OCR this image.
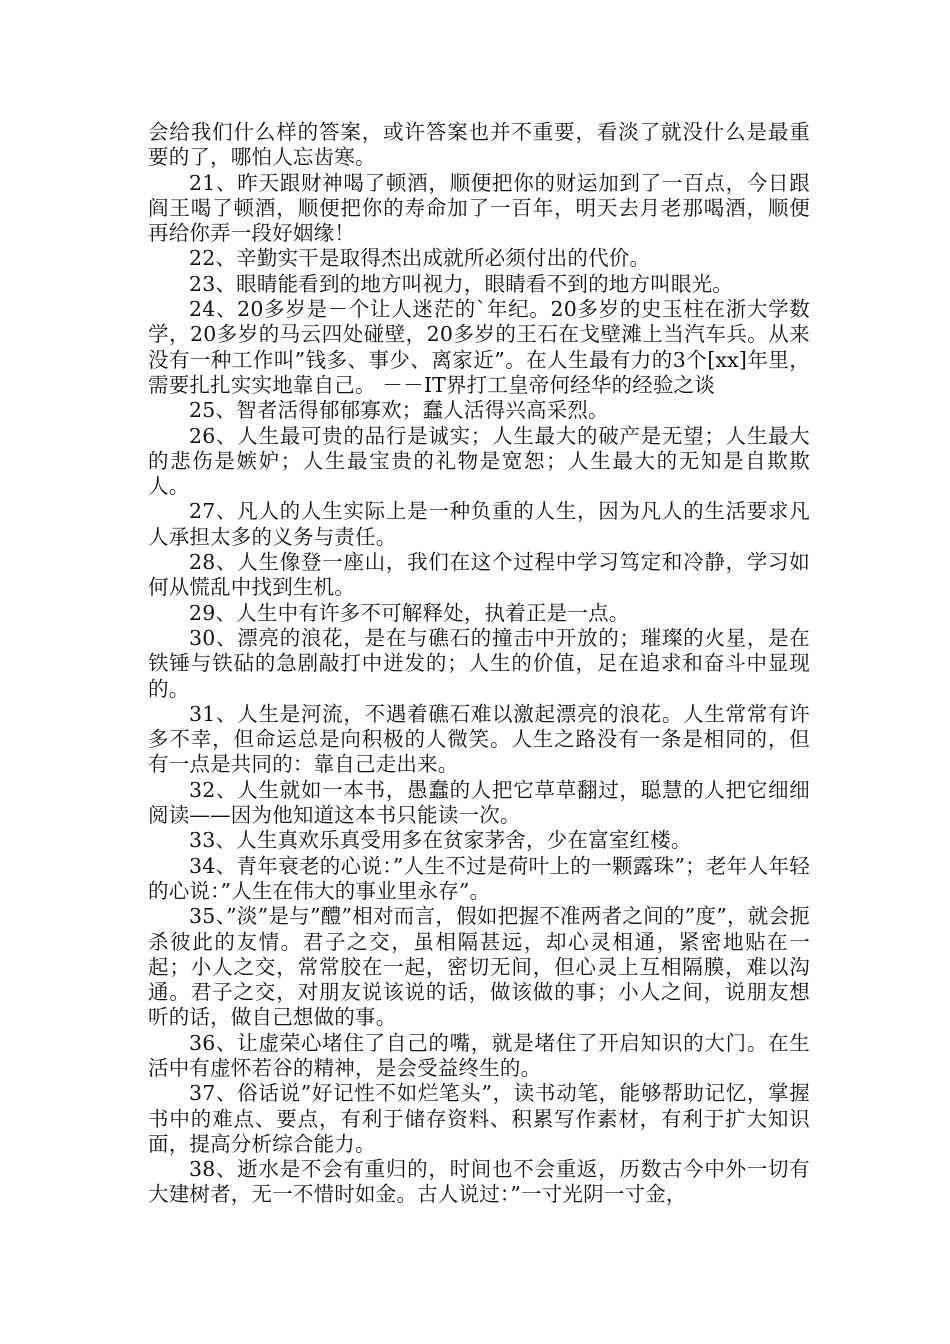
会给我们什么样的答案，或许答案也并不重要，看淡了就没什么是最重要的了，哪怕人忘齿寒。

21、昨天跟财神喝了顿酒，顺便把你的财运加到了一百点，今日跟阎王喝了顿酒，顺便把你的寿命加了一百年，明天去月老那喝酒，顺便再给你弄一段好姻缘！

22、辛勤实干是取得杰出成就所必须付出的代价。

23、眼睛能看到的地方叫视力，眼睛看不到的地方叫眼光。

24、20多岁是－个让人迷茫的`年纪。20多岁的史玉柱在浙大学数学，20多岁的马云四处碰壁，20多岁的王石在戈壁滩上当汽车兵。从来没有一种工作叫”钱多、事少、离家近”。在人生最有力的3个[xx]年里，需要扎扎实实地靠自己。 －－IT界打工皇帝何经华的经验之谈

25、智者活得郁郁寡欢；蠢人活得兴高采烈。

26、人生最可贵的品行是诚实；人生最大的破产是无望；人生最大的悲伤是嫉妒；人生最宝贵的礼物是宽恕；人生最大的无知是自欺欺人。

27、凡人的人生实际上是一种负重的人生，因为凡人的生活要求凡人承担太多的义务与责任。

28、人生像登一座山，我们在这个过程中学习笃定和冷静，学习如何从慌乱中找到生机。

29、人生中有许多不可解释处，执着正是一点。

30、漂亮的浪花，是在与礁石的撞击中开放的；璀璨的火星，是在铁锤与铁砧的急剧敲打中迸发的；人生的价值，足在追求和奋斗中显现的。

31、人生是河流，不遇着礁石难以激起漂亮的浪花。人生常常有许多不幸，但命运总是向积极的人微笑。人生之路没有一条是相同的，但有一点是共同的：靠自己走出来。

32、人生就如一本书，愚蠢的人把它草草翻过，聪慧的人把它细细阅读——因为他知道这本书只能读一次。

33、人生真欢乐真受用多在贫家茅舍，少在富室红楼。

34、青年衰老的心说：”人生不过是荷叶上的一颗露珠”；老年人年轻的心说：”人生在伟大的事业里永存”。

35、”淡”是与”醴”相对而言，假如把握不准两者之间的”度”，就会扼杀彼此的友情。君子之交，虽相隔甚远，却心灵相通，紧密地贴在一起；小人之交，常常胶在一起，密切无间，但心灵上互相隔膜，难以沟通。君子之交，对朋友说该说的话，做该做的事；小人之间，说朋友想听的话，做自己想做的事。

36、让虚荣心堵住了自己的嘴，就是堵住了开启知识的大门。在生活中有虚怀若谷的精神，是会受益终生的。

37、俗话说”好记性不如烂笔头”，读书动笔，能够帮助记忆，掌握书中的难点、要点，有利于储存资料、积累写作素材，有利于扩大知识面，提高分析综合能力。

38、逝水是不会有重归的，时间也不会重返，历数古今中外一切有大建树者，无一不惜时如金。古人说过：”一寸光阴一寸金，
